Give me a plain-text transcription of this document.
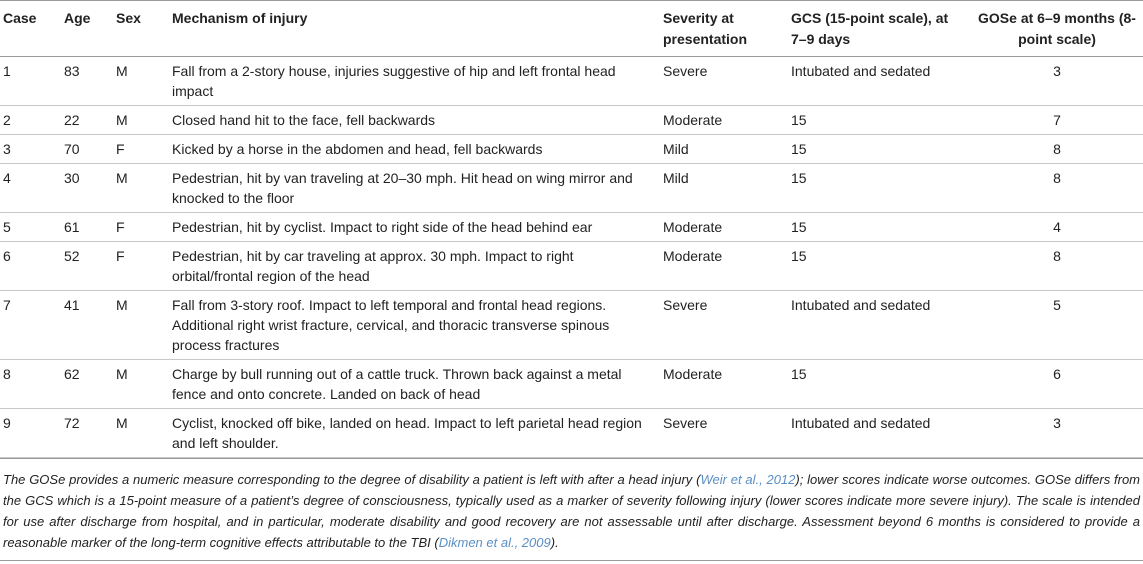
Case	Age	Sex	Mechanism of injury	Severity at presentation	GCS (15-point scale), at 7–9 days	GOSe at 6–9 months (8-point scale)
1	83	M	Fall from a 2-story house, injuries suggestive of hip and left frontal head impact	Severe	Intubated and sedated	3
2	22	M	Closed hand hit to the face, fell backwards	Moderate	15	7
3	70	F	Kicked by a horse in the abdomen and head, fell backwards	Mild	15	8
4	30	M	Pedestrian, hit by van traveling at 20–30 mph. Hit head on wing mirror and knocked to the floor	Mild	15	8
5	61	F	Pedestrian, hit by cyclist. Impact to right side of the head behind ear	Moderate	15	4
6	52	F	Pedestrian, hit by car traveling at approx. 30 mph. Impact to right orbital/frontal region of the head	Moderate	15	8
7	41	M	Fall from 3-story roof. Impact to left temporal and frontal head regions. Additional right wrist fracture, cervical, and thoracic transverse spinous process fractures	Severe	Intubated and sedated	5
8	62	M	Charge by bull running out of a cattle truck. Thrown back against a metal fence and onto concrete. Landed on back of head	Moderate	15	6
9	72	M	Cyclist, knocked off bike, landed on head. Impact to left parietal head region and left shoulder.	Severe	Intubated and sedated	3
The GOSe provides a numeric measure corresponding to the degree of disability a patient is left with after a head injury (Weir et al., 2012); lower scores indicate worse outcomes. GOSe differs from the GCS which is a 15-point measure of a patient’s degree of consciousness, typically used as a marker of severity following injury (lower scores indicate more severe injury). The scale is intended for use after discharge from hospital, and in particular, moderate disability and good recovery are not assessable until after discharge. Assessment beyond 6 months is considered to provide a reasonable marker of the long-term cognitive effects attributable to the TBI (Dikmen et al., 2009).
